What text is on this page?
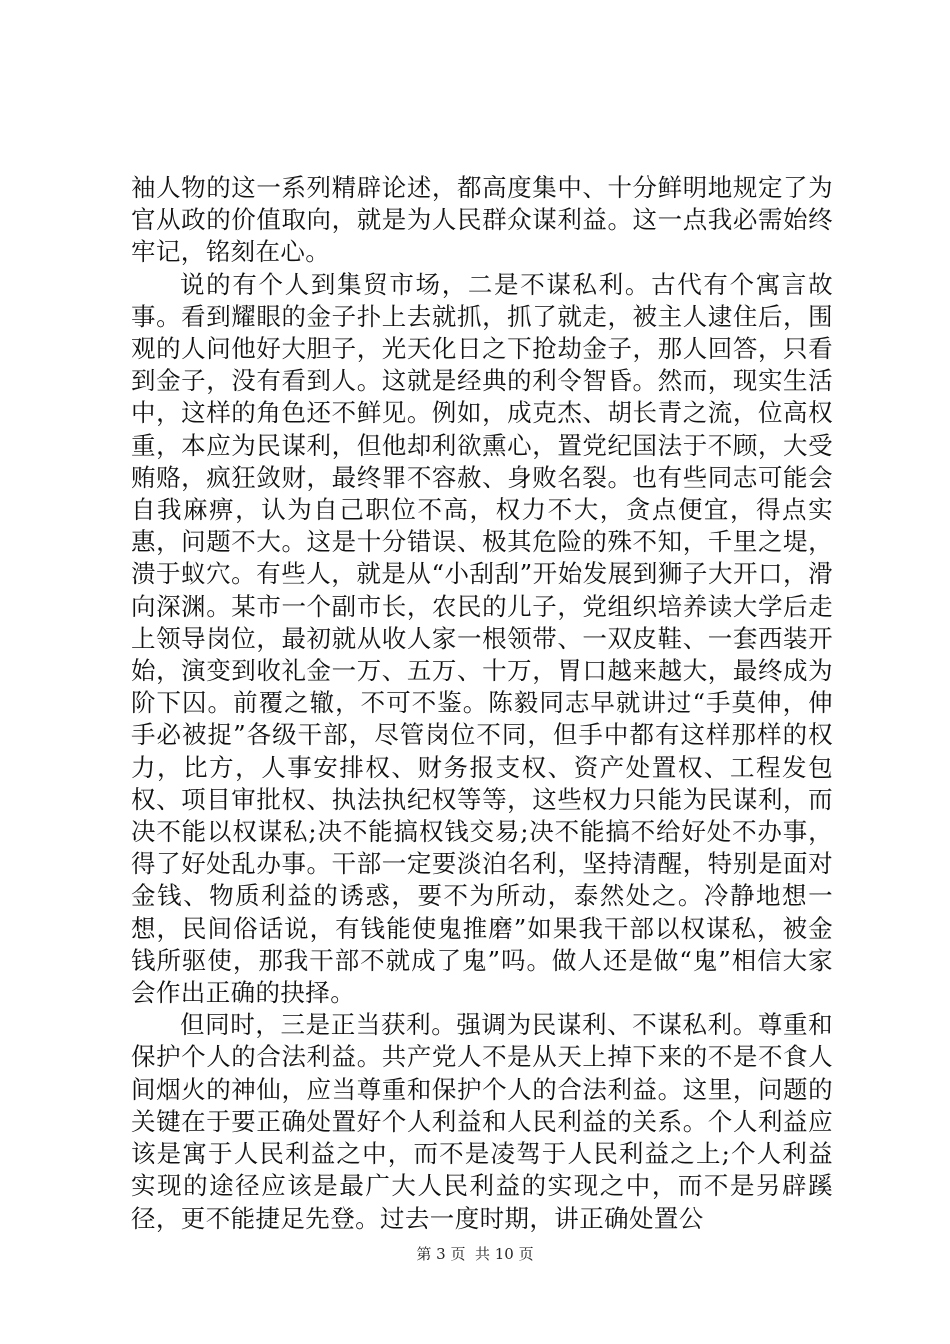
袖人物的这一系列精辟论述，都高度集中、十分鲜明地规定了为官从政的价值取向，就是为人民群众谋利益。这一点我必需始终牢记，铭刻在心。

说的有个人到集贸市场，二是不谋私利。古代有个寓言故事。看到耀眼的金子扑上去就抓，抓了就走，被主人逮住后，围观的人问他好大胆子，光天化日之下抢劫金子，那人回答，只看到金子，没有看到人。这就是经典的利令智昏。然而，现实生活中，这样的角色还不鲜见。例如，成克杰、胡长青之流，位高权重，本应为民谋利，但他却利欲熏心，置党纪国法于不顾，大受贿赂，疯狂敛财，最终罪不容赦、身败名裂。也有些同志可能会自我麻痹，认为自己职位不高，权力不大，贪点便宜，得点实惠，问题不大。这是十分错误、极其危险的殊不知，千里之堤，溃于蚁穴。有些人，就是从“小刮刮”开始发展到狮子大开口，滑向深渊。某市一个副市长，农民的儿子，党组织培养读大学后走上领导岗位，最初就从收人家一根领带、一双皮鞋、一套西装开始，演变到收礼金一万、五万、十万，胃口越来越大，最终成为阶下囚。前覆之辙，不可不鉴。陈毅同志早就讲过“手莫伸，伸手必被捉”各级干部，尽管岗位不同，但手中都有这样那样的权力，比方，人事安排权、财务报支权、资产处置权、工程发包权、项目审批权、执法执纪权等等，这些权力只能为民谋利，而决不能以权谋私;决不能搞权钱交易;决不能搞不给好处不办事，得了好处乱办事。干部一定要淡泊名利，坚持清醒，特别是面对金钱、物质利益的诱惑，要不为所动，泰然处之。冷静地想一想，民间俗话说，有钱能使鬼推磨”如果我干部以权谋私，被金钱所驱使，那我干部不就成了鬼”吗。做人还是做“鬼”相信大家会作出正确的抉择。

但同时，三是正当获利。强调为民谋利、不谋私利。尊重和保护个人的合法利益。共产党人不是从天上掉下来的不是不食人间烟火的神仙，应当尊重和保护个人的合法利益。这里，问题的关键在于要正确处置好个人利益和人民利益的关系。个人利益应该是寓于人民利益之中，而不是凌驾于人民利益之上;个人利益实现的途径应该是最广大人民利益的实现之中，而不是另辟蹊径，更不能捷足先登。过去一度时期，讲正确处置公

第 3 页  共 10 页
